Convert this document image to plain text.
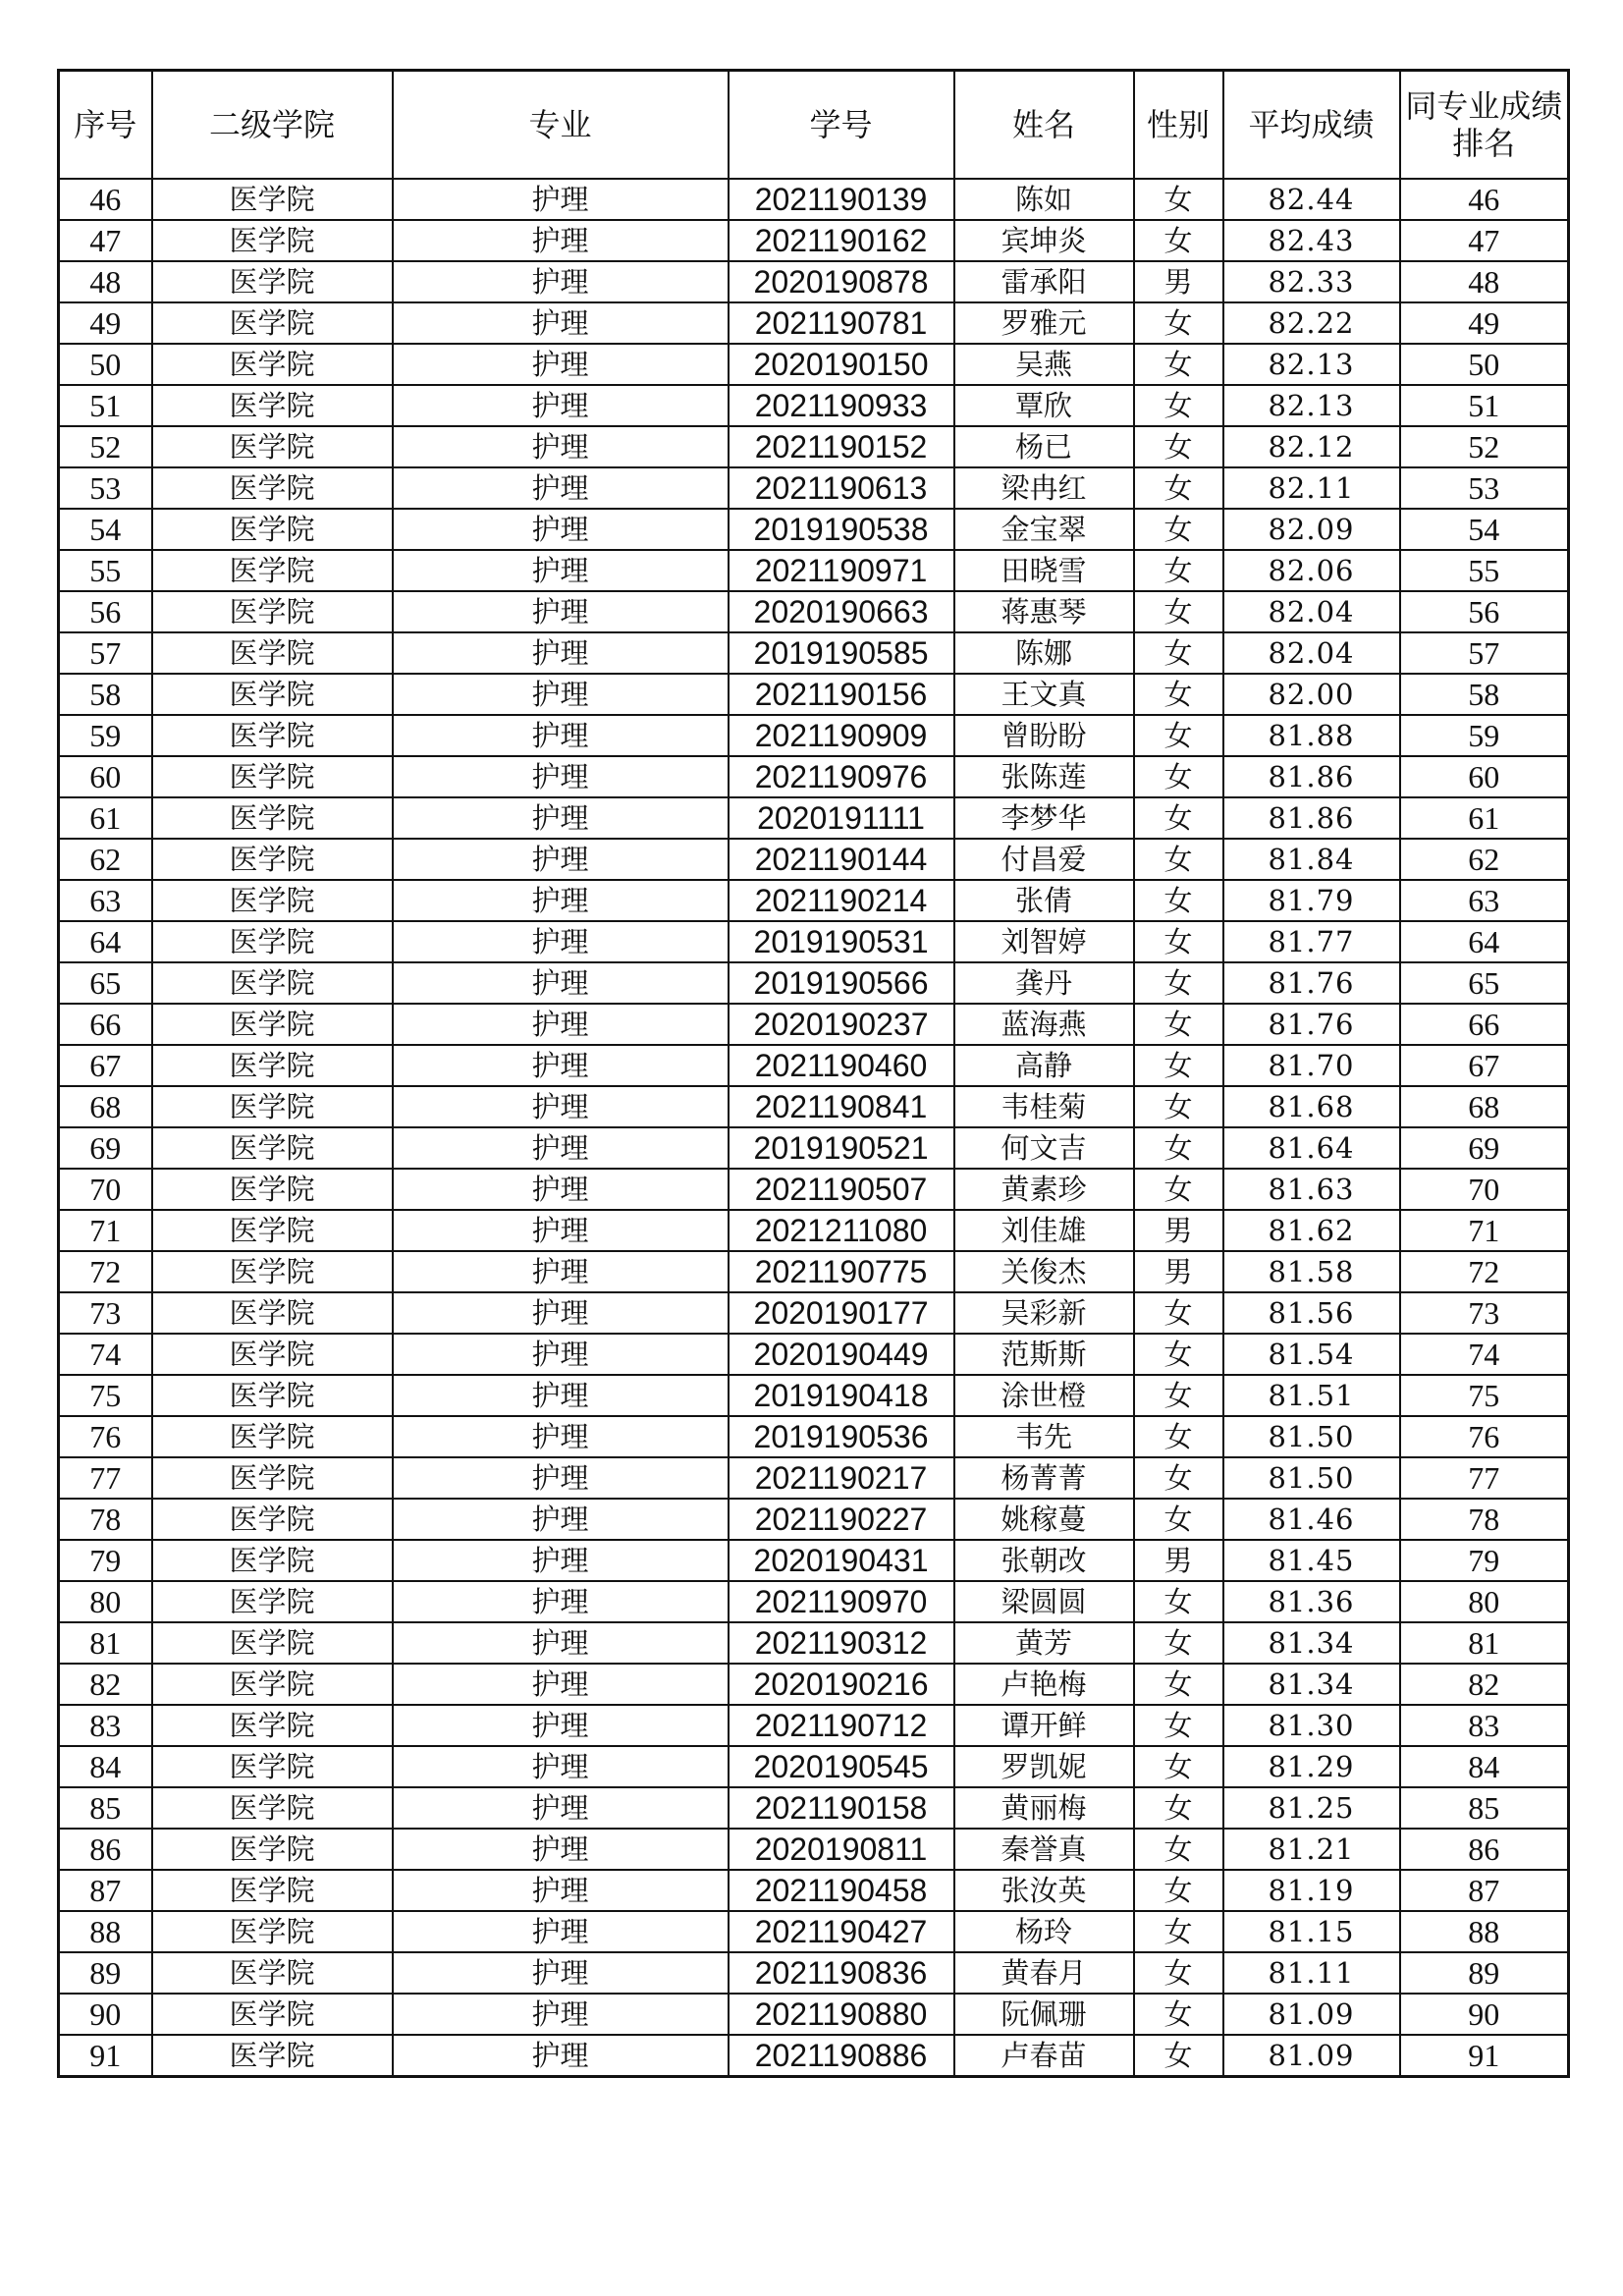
序号	二级学院	专业	学号	姓名	性别	平均成绩	同专业成绩排名
46	医学院	护理	2021190139	陈如	女	82.44	46
47	医学院	护理	2021190162	宾坤炎	女	82.43	47
48	医学院	护理	2020190878	雷承阳	男	82.33	48
49	医学院	护理	2021190781	罗雅元	女	82.22	49
50	医学院	护理	2020190150	吴燕	女	82.13	50
51	医学院	护理	2021190933	覃欣	女	82.13	51
52	医学院	护理	2021190152	杨已	女	82.12	52
53	医学院	护理	2021190613	梁冉红	女	82.11	53
54	医学院	护理	2019190538	金宝翠	女	82.09	54
55	医学院	护理	2021190971	田晓雪	女	82.06	55
56	医学院	护理	2020190663	蒋惠琴	女	82.04	56
57	医学院	护理	2019190585	陈娜	女	82.04	57
58	医学院	护理	2021190156	王文真	女	82.00	58
59	医学院	护理	2021190909	曾盼盼	女	81.88	59
60	医学院	护理	2021190976	张陈莲	女	81.86	60
61	医学院	护理	2020191111	李梦华	女	81.86	61
62	医学院	护理	2021190144	付昌爱	女	81.84	62
63	医学院	护理	2021190214	张倩	女	81.79	63
64	医学院	护理	2019190531	刘智婷	女	81.77	64
65	医学院	护理	2019190566	龚丹	女	81.76	65
66	医学院	护理	2020190237	蓝海燕	女	81.76	66
67	医学院	护理	2021190460	高静	女	81.70	67
68	医学院	护理	2021190841	韦桂菊	女	81.68	68
69	医学院	护理	2019190521	何文吉	女	81.64	69
70	医学院	护理	2021190507	黄素珍	女	81.63	70
71	医学院	护理	2021211080	刘佳雄	男	81.62	71
72	医学院	护理	2021190775	关俊杰	男	81.58	72
73	医学院	护理	2020190177	吴彩新	女	81.56	73
74	医学院	护理	2020190449	范斯斯	女	81.54	74
75	医学院	护理	2019190418	涂世橙	女	81.51	75
76	医学院	护理	2019190536	韦先	女	81.50	76
77	医学院	护理	2021190217	杨菁菁	女	81.50	77
78	医学院	护理	2021190227	姚稼蔓	女	81.46	78
79	医学院	护理	2020190431	张朝改	男	81.45	79
80	医学院	护理	2021190970	梁圆圆	女	81.36	80
81	医学院	护理	2021190312	黄芳	女	81.34	81
82	医学院	护理	2020190216	卢艳梅	女	81.34	82
83	医学院	护理	2021190712	谭开鲜	女	81.30	83
84	医学院	护理	2020190545	罗凯妮	女	81.29	84
85	医学院	护理	2021190158	黄丽梅	女	81.25	85
86	医学院	护理	2020190811	秦誉真	女	81.21	86
87	医学院	护理	2021190458	张汝英	女	81.19	87
88	医学院	护理	2021190427	杨玲	女	81.15	88
89	医学院	护理	2021190836	黄春月	女	81.11	89
90	医学院	护理	2021190880	阮佩珊	女	81.09	90
91	医学院	护理	2021190886	卢春苗	女	81.09	91
